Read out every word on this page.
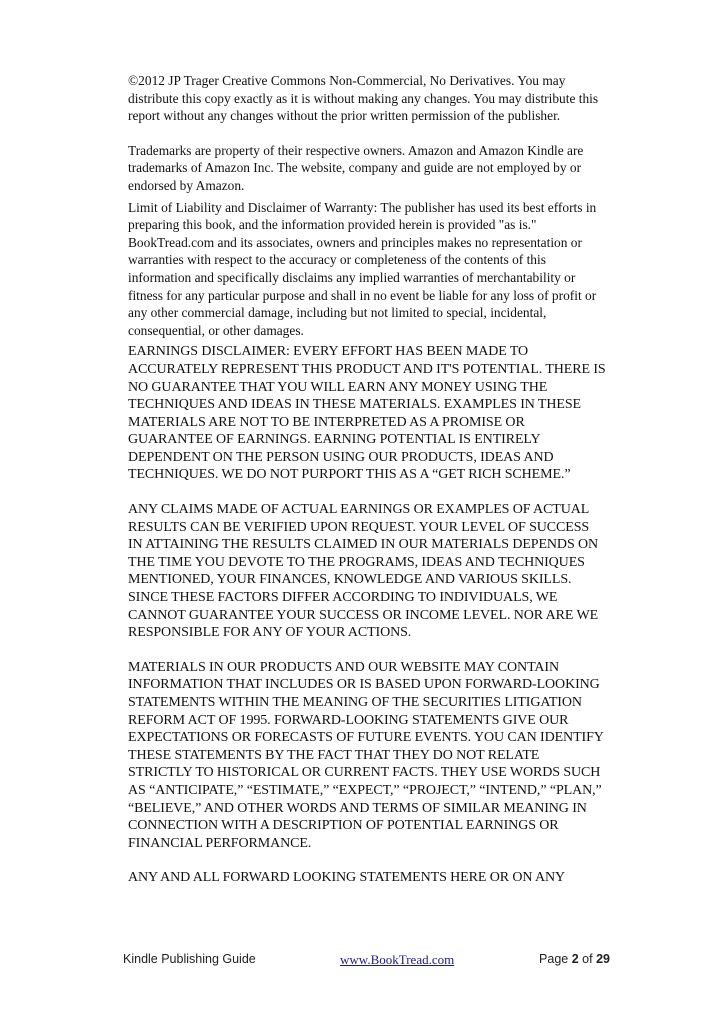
©2012 JP Trager Creative Commons Non-Commercial, No Derivatives. You may distribute this copy exactly as it is without making any changes. You may distribute this report without any changes without the prior written permission of the publisher.

Trademarks are property of their respective owners. Amazon and Amazon Kindle are trademarks of Amazon Inc. The website, company and guide are not employed by or endorsed by Amazon.

Limit of Liability and Disclaimer of Warranty: The publisher has used its best efforts in preparing this book, and the information provided herein is provided "as is." BookTread.com and its associates, owners and principles makes no representation or warranties with respect to the accuracy or completeness of the contents of this information and specifically disclaims any implied warranties of merchantability or fitness for any particular purpose and shall in no event be liable for any loss of profit or any other commercial damage, including but not limited to special, incidental, consequential, or other damages.

EARNINGS DISCLAIMER: EVERY EFFORT HAS BEEN MADE TO ACCURATELY REPRESENT THIS PRODUCT AND IT'S POTENTIAL. THERE IS NO GUARANTEE THAT YOU WILL EARN ANY MONEY USING THE TECHNIQUES AND IDEAS IN THESE MATERIALS. EXAMPLES IN THESE MATERIALS ARE NOT TO BE INTERPRETED AS A PROMISE OR GUARANTEE OF EARNINGS. EARNING POTENTIAL IS ENTIRELY DEPENDENT ON THE PERSON USING OUR PRODUCTS, IDEAS AND TECHNIQUES. WE DO NOT PURPORT THIS AS A “GET RICH SCHEME.”

ANY CLAIMS MADE OF ACTUAL EARNINGS OR EXAMPLES OF ACTUAL RESULTS CAN BE VERIFIED UPON REQUEST. YOUR LEVEL OF SUCCESS IN ATTAINING THE RESULTS CLAIMED IN OUR MATERIALS DEPENDS ON THE TIME YOU DEVOTE TO THE PROGRAMS, IDEAS AND TECHNIQUES MENTIONED, YOUR FINANCES, KNOWLEDGE AND VARIOUS SKILLS. SINCE THESE FACTORS DIFFER ACCORDING TO INDIVIDUALS, WE CANNOT GUARANTEE YOUR SUCCESS OR INCOME LEVEL. NOR ARE WE RESPONSIBLE FOR ANY OF YOUR ACTIONS.

MATERIALS IN OUR PRODUCTS AND OUR WEBSITE MAY CONTAIN INFORMATION THAT INCLUDES OR IS BASED UPON FORWARD-LOOKING STATEMENTS WITHIN THE MEANING OF THE SECURITIES LITIGATION REFORM ACT OF 1995. FORWARD-LOOKING STATEMENTS GIVE OUR EXPECTATIONS OR FORECASTS OF FUTURE EVENTS. YOU CAN IDENTIFY THESE STATEMENTS BY THE FACT THAT THEY DO NOT RELATE STRICTLY TO HISTORICAL OR CURRENT FACTS. THEY USE WORDS SUCH AS “ANTICIPATE,” “ESTIMATE,” “EXPECT,” “PROJECT,” “INTEND,” “PLAN,” “BELIEVE,” AND OTHER WORDS AND TERMS OF SIMILAR MEANING IN CONNECTION WITH A DESCRIPTION OF POTENTIAL EARNINGS OR FINANCIAL PERFORMANCE.

ANY AND ALL FORWARD LOOKING STATEMENTS HERE OR ON ANY

Kindle Publishing Guide	www.BookTread.com	Page 2 of 29
